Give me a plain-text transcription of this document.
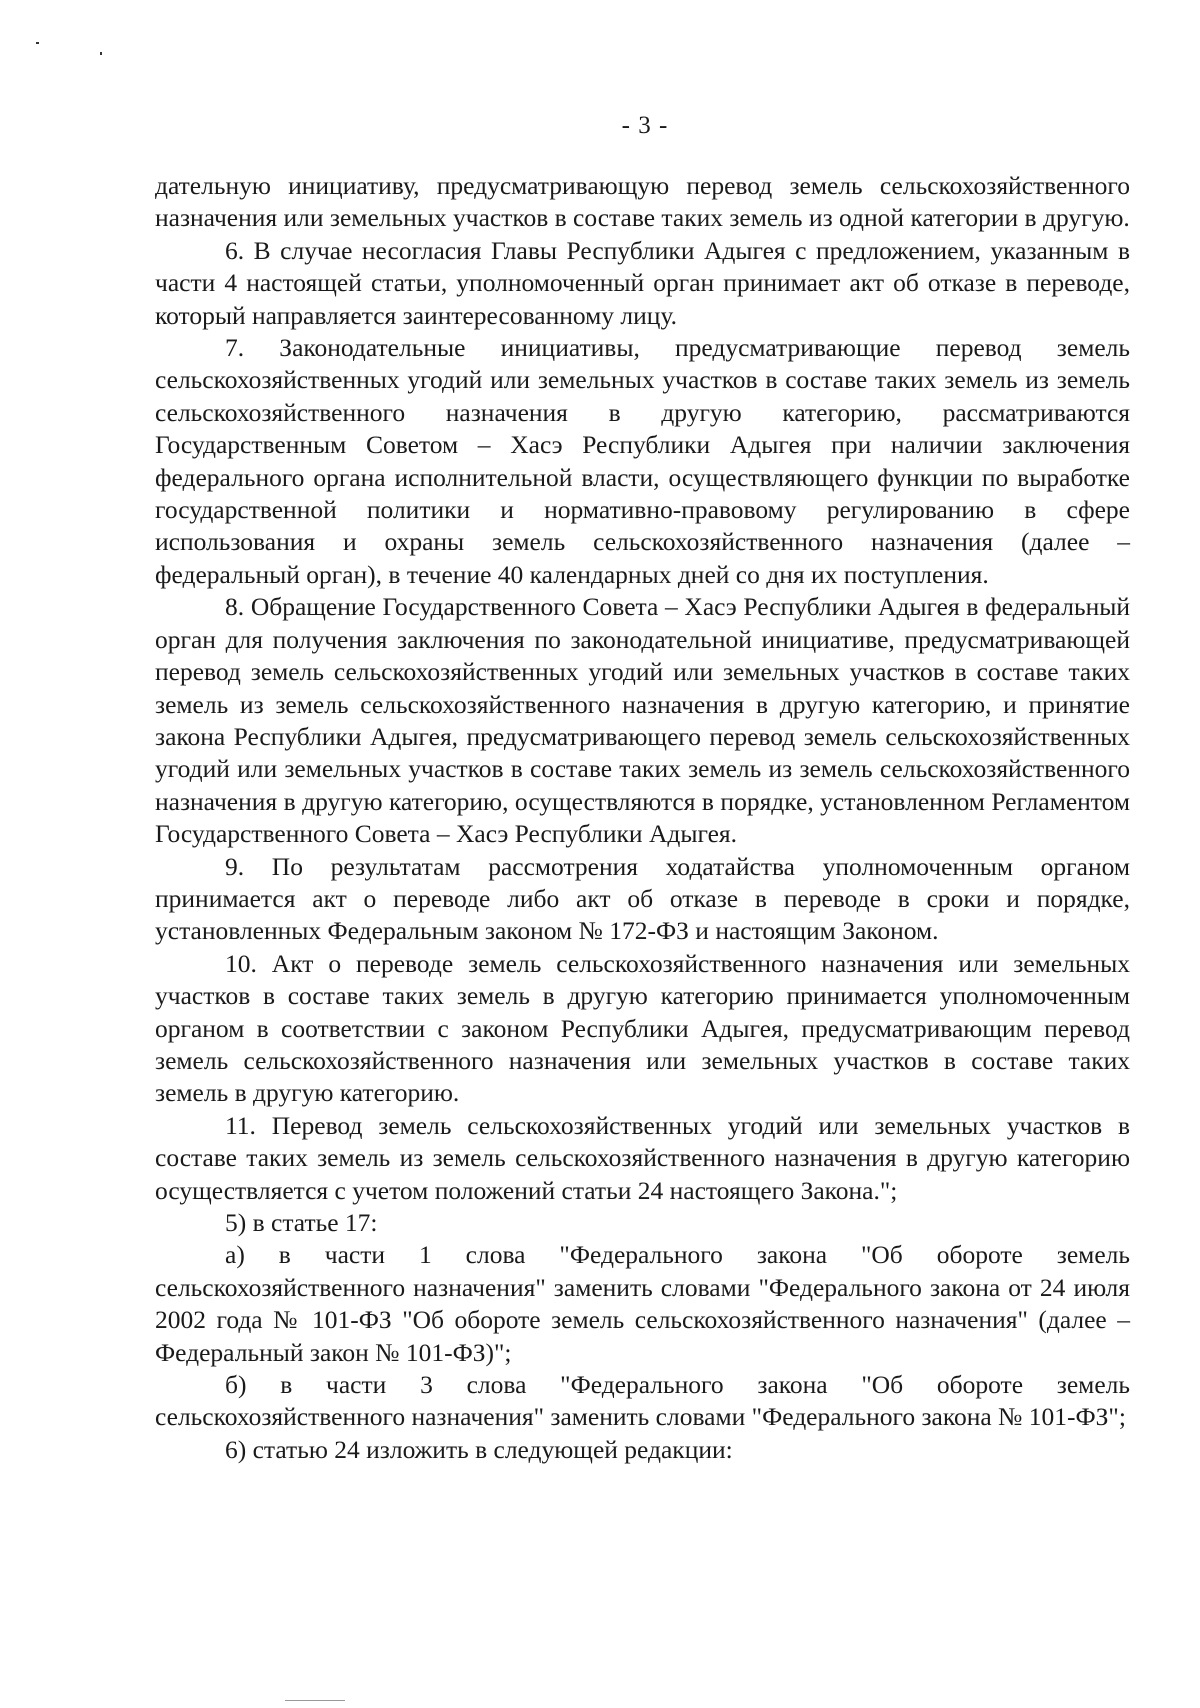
- 3 -

дательную инициативу, предусматривающую перевод земель сельскохозяйственного назначения или земельных участков в составе таких земель из одной категории в другую.

6. В случае несогласия Главы Республики Адыгея с предложением, указанным в части 4 настоящей статьи, уполномоченный орган принимает акт об отказе в переводе, который направляется заинтересованному лицу.

7. Законодательные инициативы, предусматривающие перевод земель сельскохозяйственных угодий или земельных участков в составе таких земель из земель сельскохозяйственного назначения в другую категорию, рассматриваются Государственным Советом – Хасэ Республики Адыгея при наличии заключения федерального органа исполнительной власти, осуществляющего функции по выработке государственной политики и нормативно-правовому регулированию в сфере использования и охраны земель сельскохозяйственного назначения (далее – федеральный орган), в течение 40 календарных дней со дня их поступления.

8. Обращение Государственного Совета – Хасэ Республики Адыгея в федеральный орган для получения заключения по законодательной инициативе, предусматривающей перевод земель сельскохозяйственных угодий или земельных участков в составе таких земель из земель сельскохозяйственного назначения в другую категорию, и принятие закона Республики Адыгея, предусматривающего перевод земель сельскохозяйственных угодий или земельных участков в составе таких земель из земель сельскохозяйственного назначения в другую категорию, осуществляются в порядке, установленном Регламентом Государственного Совета – Хасэ Республики Адыгея.

9. По результатам рассмотрения ходатайства уполномоченным органом принимается акт о переводе либо акт об отказе в переводе в сроки и порядке, установленных Федеральным законом № 172-ФЗ и настоящим Законом.

10. Акт о переводе земель сельскохозяйственного назначения или земельных участков в составе таких земель в другую категорию принимается уполномоченным органом в соответствии с законом Республики Адыгея, предусматривающим перевод земель сельскохозяйственного назначения или земельных участков в составе таких земель в другую категорию.

11. Перевод земель сельскохозяйственных угодий или земельных участков в составе таких земель из земель сельскохозяйственного назначения в другую категорию осуществляется с учетом положений статьи 24 настоящего Закона.";

5) в статье 17:

а) в части 1 слова "Федерального закона "Об обороте земель сельскохозяйственного назначения" заменить словами "Федерального закона от 24 июля 2002 года № 101-ФЗ "Об обороте земель сельскохозяйственного назначения" (далее – Федеральный закон № 101-ФЗ)";

б) в части 3 слова "Федерального закона "Об обороте земель сельскохозяйственного назначения" заменить словами "Федерального закона № 101-ФЗ";

6) статью 24 изложить в следующей редакции:
